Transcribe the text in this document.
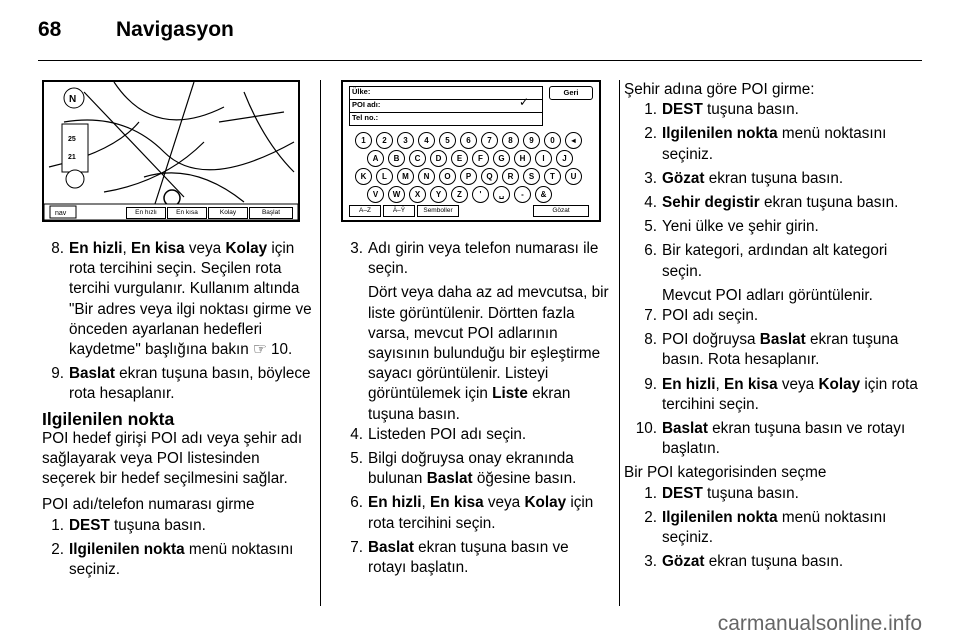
68	Navigasyon
N
nav
25
21
En hızlı	En kısa	Kolay	Başlat
Ülke:
POI adı:
Tel no.:
✓
Geri
1	2	3	4	5	6	7	8	9	0	◂
A	B	C	D	E	F	G	H	I	J
K	L	M	N	O	P	Q	R	S	T	U
V	W	X	Y	Z	'	␣	-	&
A–Z	Ä–Ÿ	Semboller	Gözat
8. En hizli, En kisa veya Kolay için rota tercihini seçin. Seçilen rota tercihi vurgulanır. Kullanım altında "Bir adres veya ilgi noktası girme ve önceden ayarlanan hedefleri kaydetme" başlığına bakın ☞ 10.
9. Baslat ekran tuşuna basın, böylece rota hesaplanır.

Ilgilenilen nokta

POI hedef girişi POI adı veya şehir adı sağlayarak veya POI listesinden seçerek bir hedef seçilmesini sağlar.

POI adı/telefon numarası girme

1. DEST tuşuna basın.
2. Ilgilenilen nokta menü noktasını seçiniz.
3. Adı girin veya telefon numarası ile seçin.

Dört veya daha az ad mevcutsa, bir liste görüntülenir. Dörtten fazla varsa, mevcut POI adlarının sayısının bulunduğu bir eşleştirme sayacı görüntülenir. Listeyi görüntülemek için Liste ekran tuşuna basın.

4. Listeden POI adı seçin.
5. Bilgi doğruysa onay ekranında bulunan Baslat öğesine basın.
6. En hizli, En kisa veya Kolay için rota tercihini seçin.
7. Baslat ekran tuşuna basın ve rotayı başlatın.

Şehir adına göre POI girme:

1. DEST tuşuna basın.
2. Ilgilenilen nokta menü noktasını seçiniz.
3. Gözat ekran tuşuna basın.
4. Sehir degistir ekran tuşuna basın.
5. Yeni ülke ve şehir girin.
6. Bir kategori, ardından alt kategori seçin.

Mevcut POI adları görüntülenir.

7. POI adı seçin.
8. POI doğruysa Baslat ekran tuşuna basın. Rota hesaplanır.
9. En hizli, En kisa veya Kolay için rota tercihini seçin.
10. Baslat ekran tuşuna basın ve rotayı başlatın.

Bir POI kategorisinden seçme

1. DEST tuşuna basın.
2. Ilgilenilen nokta menü noktasını seçiniz.
3. Gözat ekran tuşuna basın.
carmanualsonline.info
